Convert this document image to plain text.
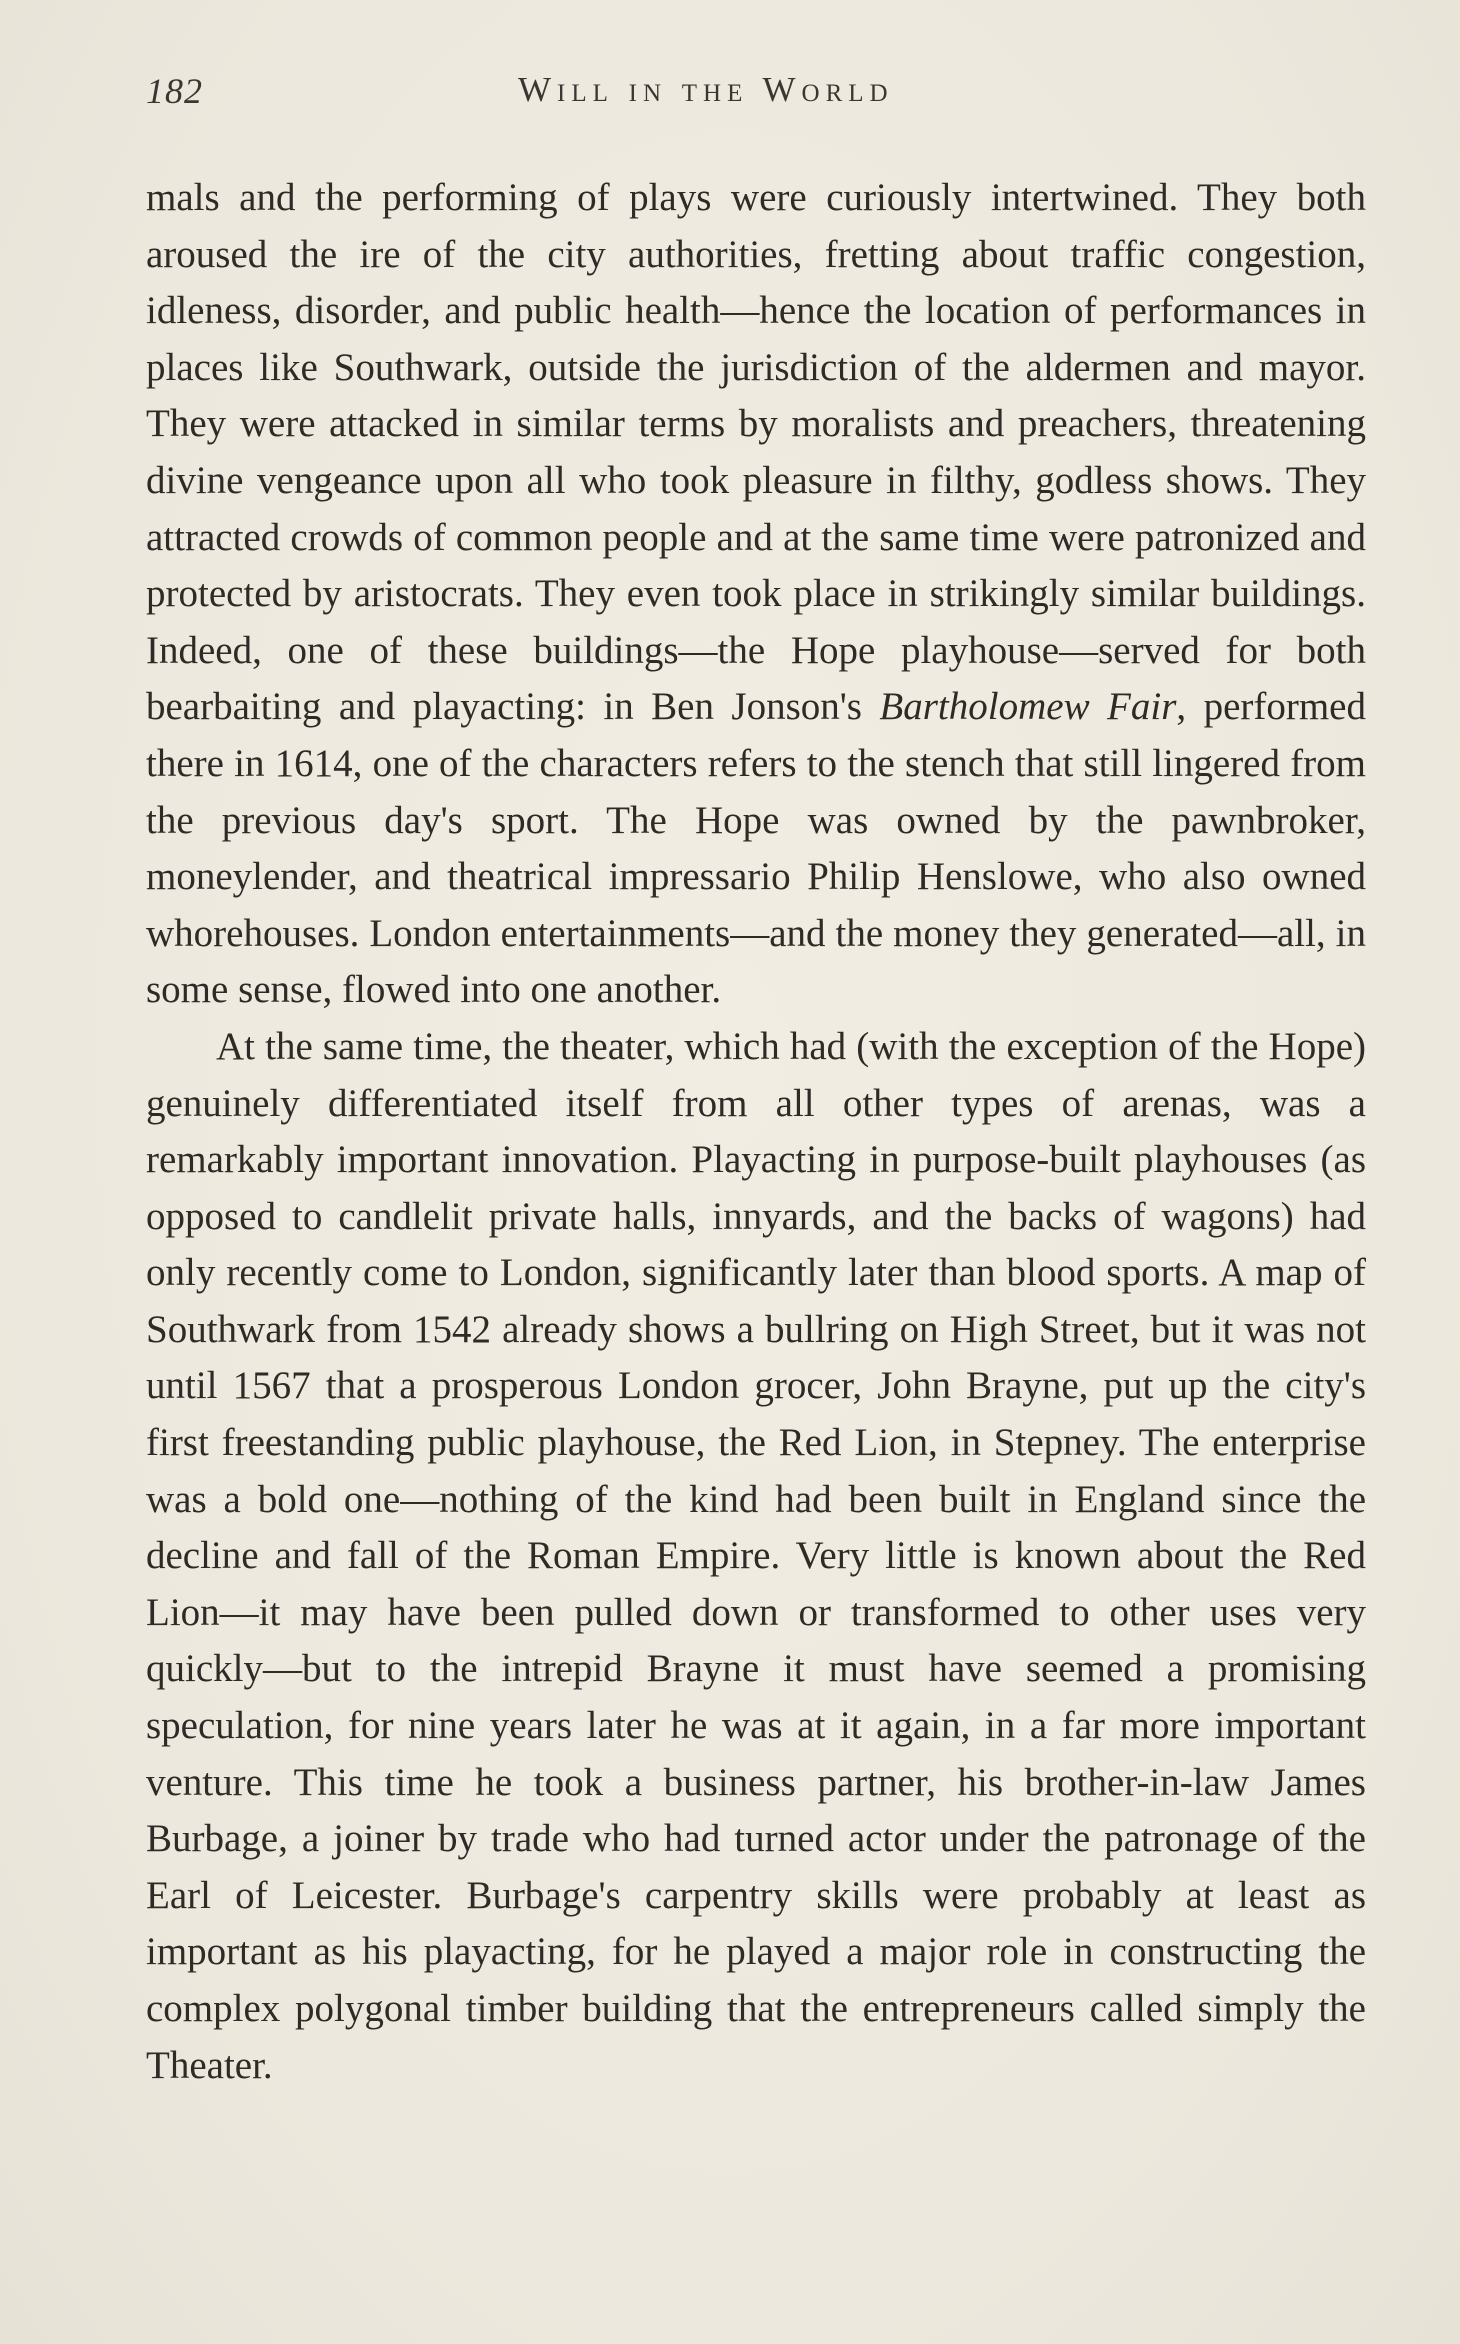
182	Will in the World

mals and the performing of plays were curiously intertwined. They both aroused the ire of the city authorities, fretting about traffic congestion, idleness, disorder, and public health—hence the location of performances in places like Southwark, outside the jurisdiction of the aldermen and mayor. They were attacked in similar terms by moralists and preachers, threatening divine vengeance upon all who took pleasure in filthy, godless shows. They attracted crowds of common people and at the same time were patronized and protected by aristocrats. They even took place in strikingly similar buildings. Indeed, one of these buildings—the Hope playhouse—served for both bearbaiting and playacting: in Ben Jonson's Bartholomew Fair, performed there in 1614, one of the characters refers to the stench that still lingered from the previous day's sport. The Hope was owned by the pawnbroker, moneylender, and theatrical impressario Philip Henslowe, who also owned whorehouses. London entertainments—and the money they generated—all, in some sense, flowed into one another.

At the same time, the theater, which had (with the exception of the Hope) genuinely differentiated itself from all other types of arenas, was a remarkably important innovation. Playacting in purpose-built playhouses (as opposed to candlelit private halls, innyards, and the backs of wagons) had only recently come to London, significantly later than blood sports. A map of Southwark from 1542 already shows a bullring on High Street, but it was not until 1567 that a prosperous London grocer, John Brayne, put up the city's first freestanding public playhouse, the Red Lion, in Stepney. The enterprise was a bold one—nothing of the kind had been built in England since the decline and fall of the Roman Empire. Very little is known about the Red Lion—it may have been pulled down or transformed to other uses very quickly—but to the intrepid Brayne it must have seemed a promising speculation, for nine years later he was at it again, in a far more important venture. This time he took a business partner, his brother-in-law James Burbage, a joiner by trade who had turned actor under the patronage of the Earl of Leicester. Burbage's carpentry skills were probably at least as important as his playacting, for he played a major role in constructing the complex polygonal timber building that the entrepreneurs called simply the Theater.
